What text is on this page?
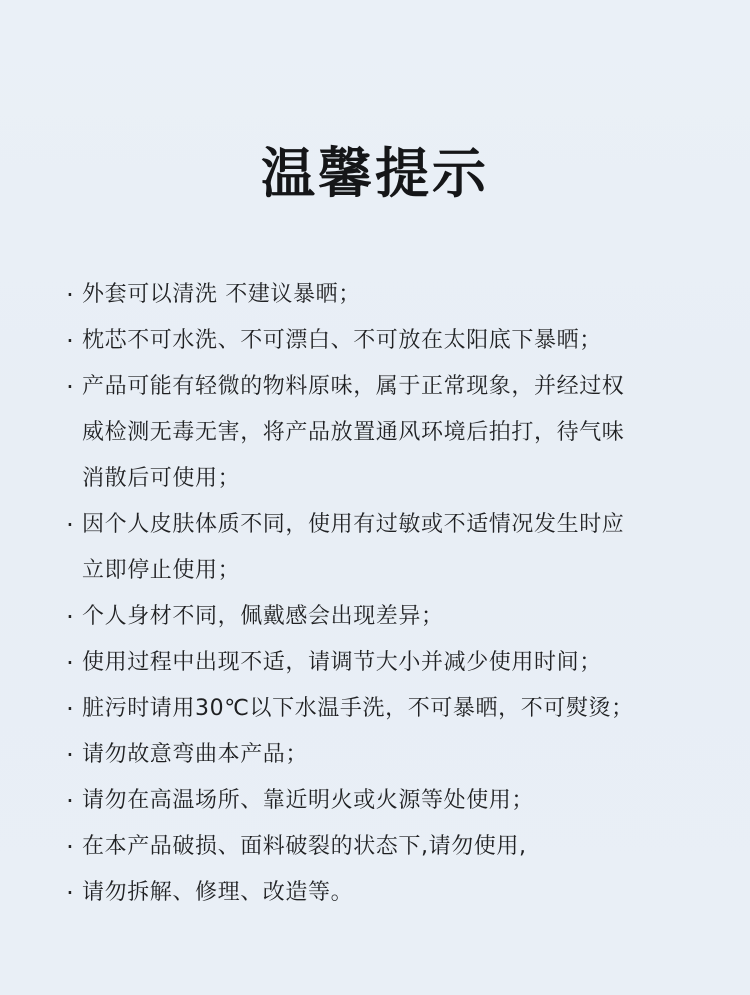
温馨提示
· 外套可以清洗 不建议暴晒；
· 枕芯不可水洗、不可漂白、不可放在太阳底下暴晒；
· 产品可能有轻微的物料原味，属于正常现象，并经过权
威检测无毒无害，将产品放置通风环境后拍打，待气味
消散后可使用；
· 因个人皮肤体质不同，使用有过敏或不适情况发生时应
立即停止使用；
· 个人身材不同，佩戴感会出现差异；
· 使用过程中出现不适，请调节大小并减少使用时间；
· 脏污时请用30℃以下水温手洗，不可暴晒，不可熨烫；
· 请勿故意弯曲本产品；
· 请勿在高温场所、靠近明火或火源等处使用；
· 在本产品破损、面料破裂的状态下,请勿使用,
· 请勿拆解、修理、改造等。
